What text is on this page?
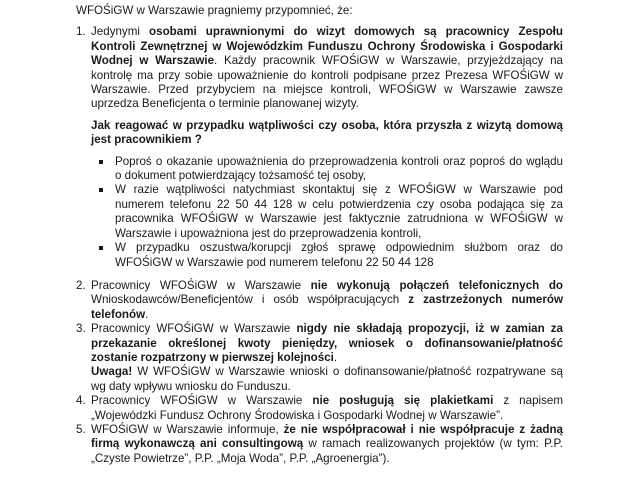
WFOŚiGW w Warszawie pragniemy przypomnieć, że:
1. Jedynymi osobami uprawnionymi do wizyt domowych są pracownicy Zespołu Kontroli Zewnętrznej w Wojewódzkim Funduszu Ochrony Środowiska i Gospodarki Wodnej w Warszawie. Każdy pracownik WFOŚiGW w Warszawie, przyjeżdzający na kontrolę ma przy sobie upoważnienie do kontroli podpisane przez Prezesa WFOŚiGW w Warszawie. Przed przybyciem na miejsce kontroli, WFOŚiGW w Warszawie zawsze uprzedza Beneficjenta o terminie planowanej wizyty.
Jak reagować w przypadku wątpliwości czy osoba, która przyszła z wizytą domową jest pracownikiem ?
Poproś o okazanie upoważnienia do przeprowadzenia kontroli oraz poproś do wglądu o dokument potwierdzający tożsamość tej osoby,
W razie wątpliwości natychmiast skontaktuj się z WFOŚiGW w Warszawie pod numerem telefonu 22 50 44 128 w celu potwierdzenia czy osoba podająca się za pracownika WFOŚiGW w Warszawie jest faktycznie zatrudniona w WFOŚiGW w Warszawie i upoważniona jest do przeprowadzenia kontroli,
W przypadku oszustwa/korupcji zgłoś sprawę odpowiednim służbom oraz do WFOŚiGW w Warszawie pod numerem telefonu 22 50 44 128
2. Pracownicy WFOŚiGW w Warszawie nie wykonują połączeń telefonicznych do Wnioskodawców/Beneficjentów i osób współpracujących z zastrzeżonych numerów telefonów.
3. Pracownicy WFOŚiGW w Warszawie nigdy nie składają propozycji, iż w zamian za przekazanie określonej kwoty pieniędzy, wniosek o dofinansowanie/płatność zostanie rozpatrzony w pierwszej kolejności.
Uwaga! W WFOŚiGW w Warszawie wnioski o dofinansowanie/płatność rozpatrywane są wg daty wpływu wniosku do Funduszu.
4. Pracownicy WFOŚiGW w Warszawie nie posługują się plakietkami z napisem „Wojewódzki Fundusz Ochrony Środowiska i Gospodarki Wodnej w Warszawie”.
5. WFOŚiGW w Warszawie informuje, że nie współpracował i nie współpracuje z żadną firmą wykonawczą ani consultingową w ramach realizowanych projektów (w tym: P.P. „Czyste Powietrze”, P.P. „Moja Woda”, P.P. „Agroenergia”).
